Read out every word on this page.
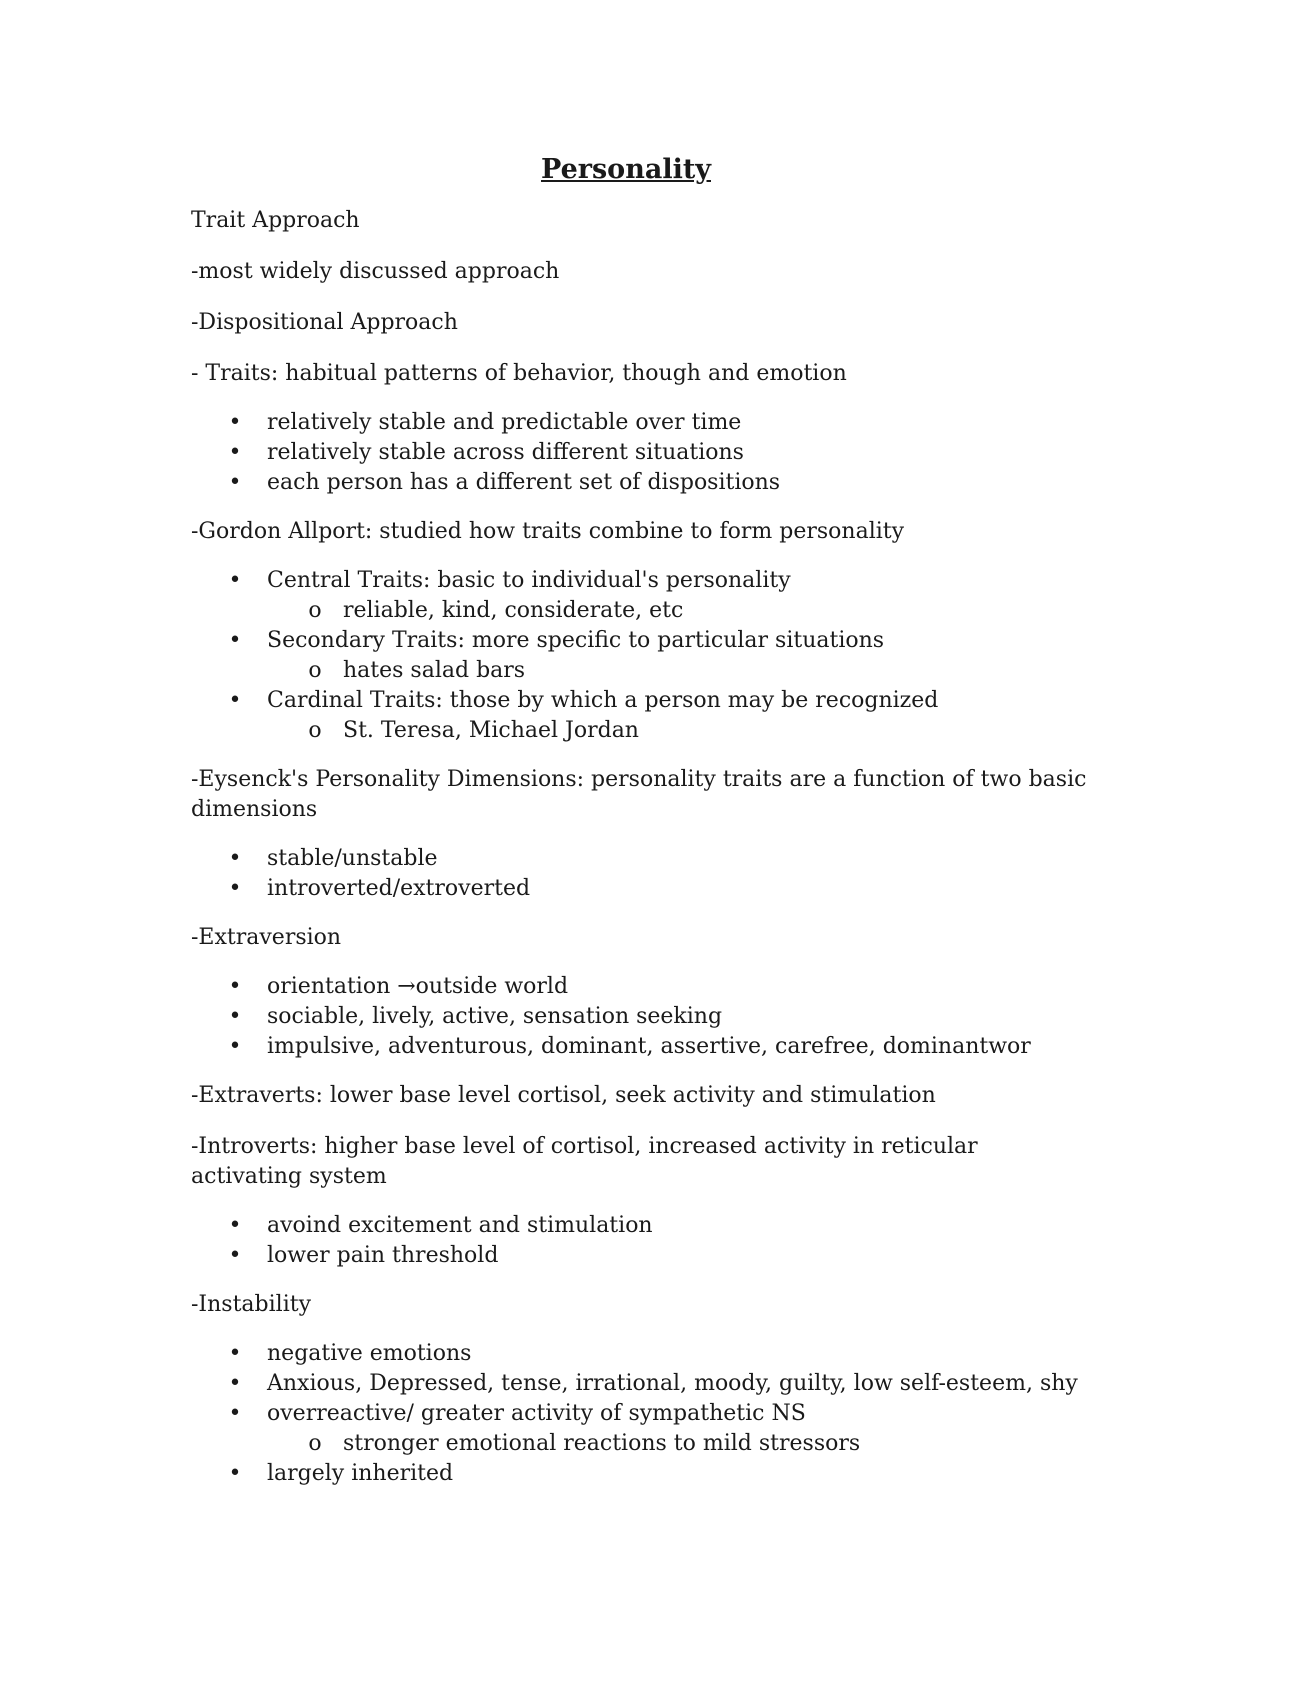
Personality

Trait Approach

-most widely discussed approach

-Dispositional Approach

- Traits: habitual patterns of behavior, though and emotion

• relatively stable and predictable over time
• relatively stable across different situations
• each person has a different set of dispositions

-Gordon Allport: studied how traits combine to form personality

• Central Traits: basic to individual's personality
o reliable, kind, considerate, etc
• Secondary Traits: more specific to particular situations
o hates salad bars
• Cardinal Traits: those by which a person may be recognized
o St. Teresa, Michael Jordan

-Eysenck's Personality Dimensions: personality traits are a function of two basic dimensions

• stable/unstable
• introverted/extroverted

-Extraversion

• orientation →outside world
• sociable, lively, active, sensation seeking
• impulsive, adventurous, dominant, assertive, carefree, dominantwor

-Extraverts: lower base level cortisol, seek activity and stimulation

-Introverts: higher base level of cortisol, increased activity in reticular activating system

• avoind excitement and stimulation
• lower pain threshold

-Instability

• negative emotions
• Anxious, Depressed, tense, irrational, moody, guilty, low self-esteem, shy
• overreactive/ greater activity of sympathetic NS
o stronger emotional reactions to mild stressors
• largely inherited
